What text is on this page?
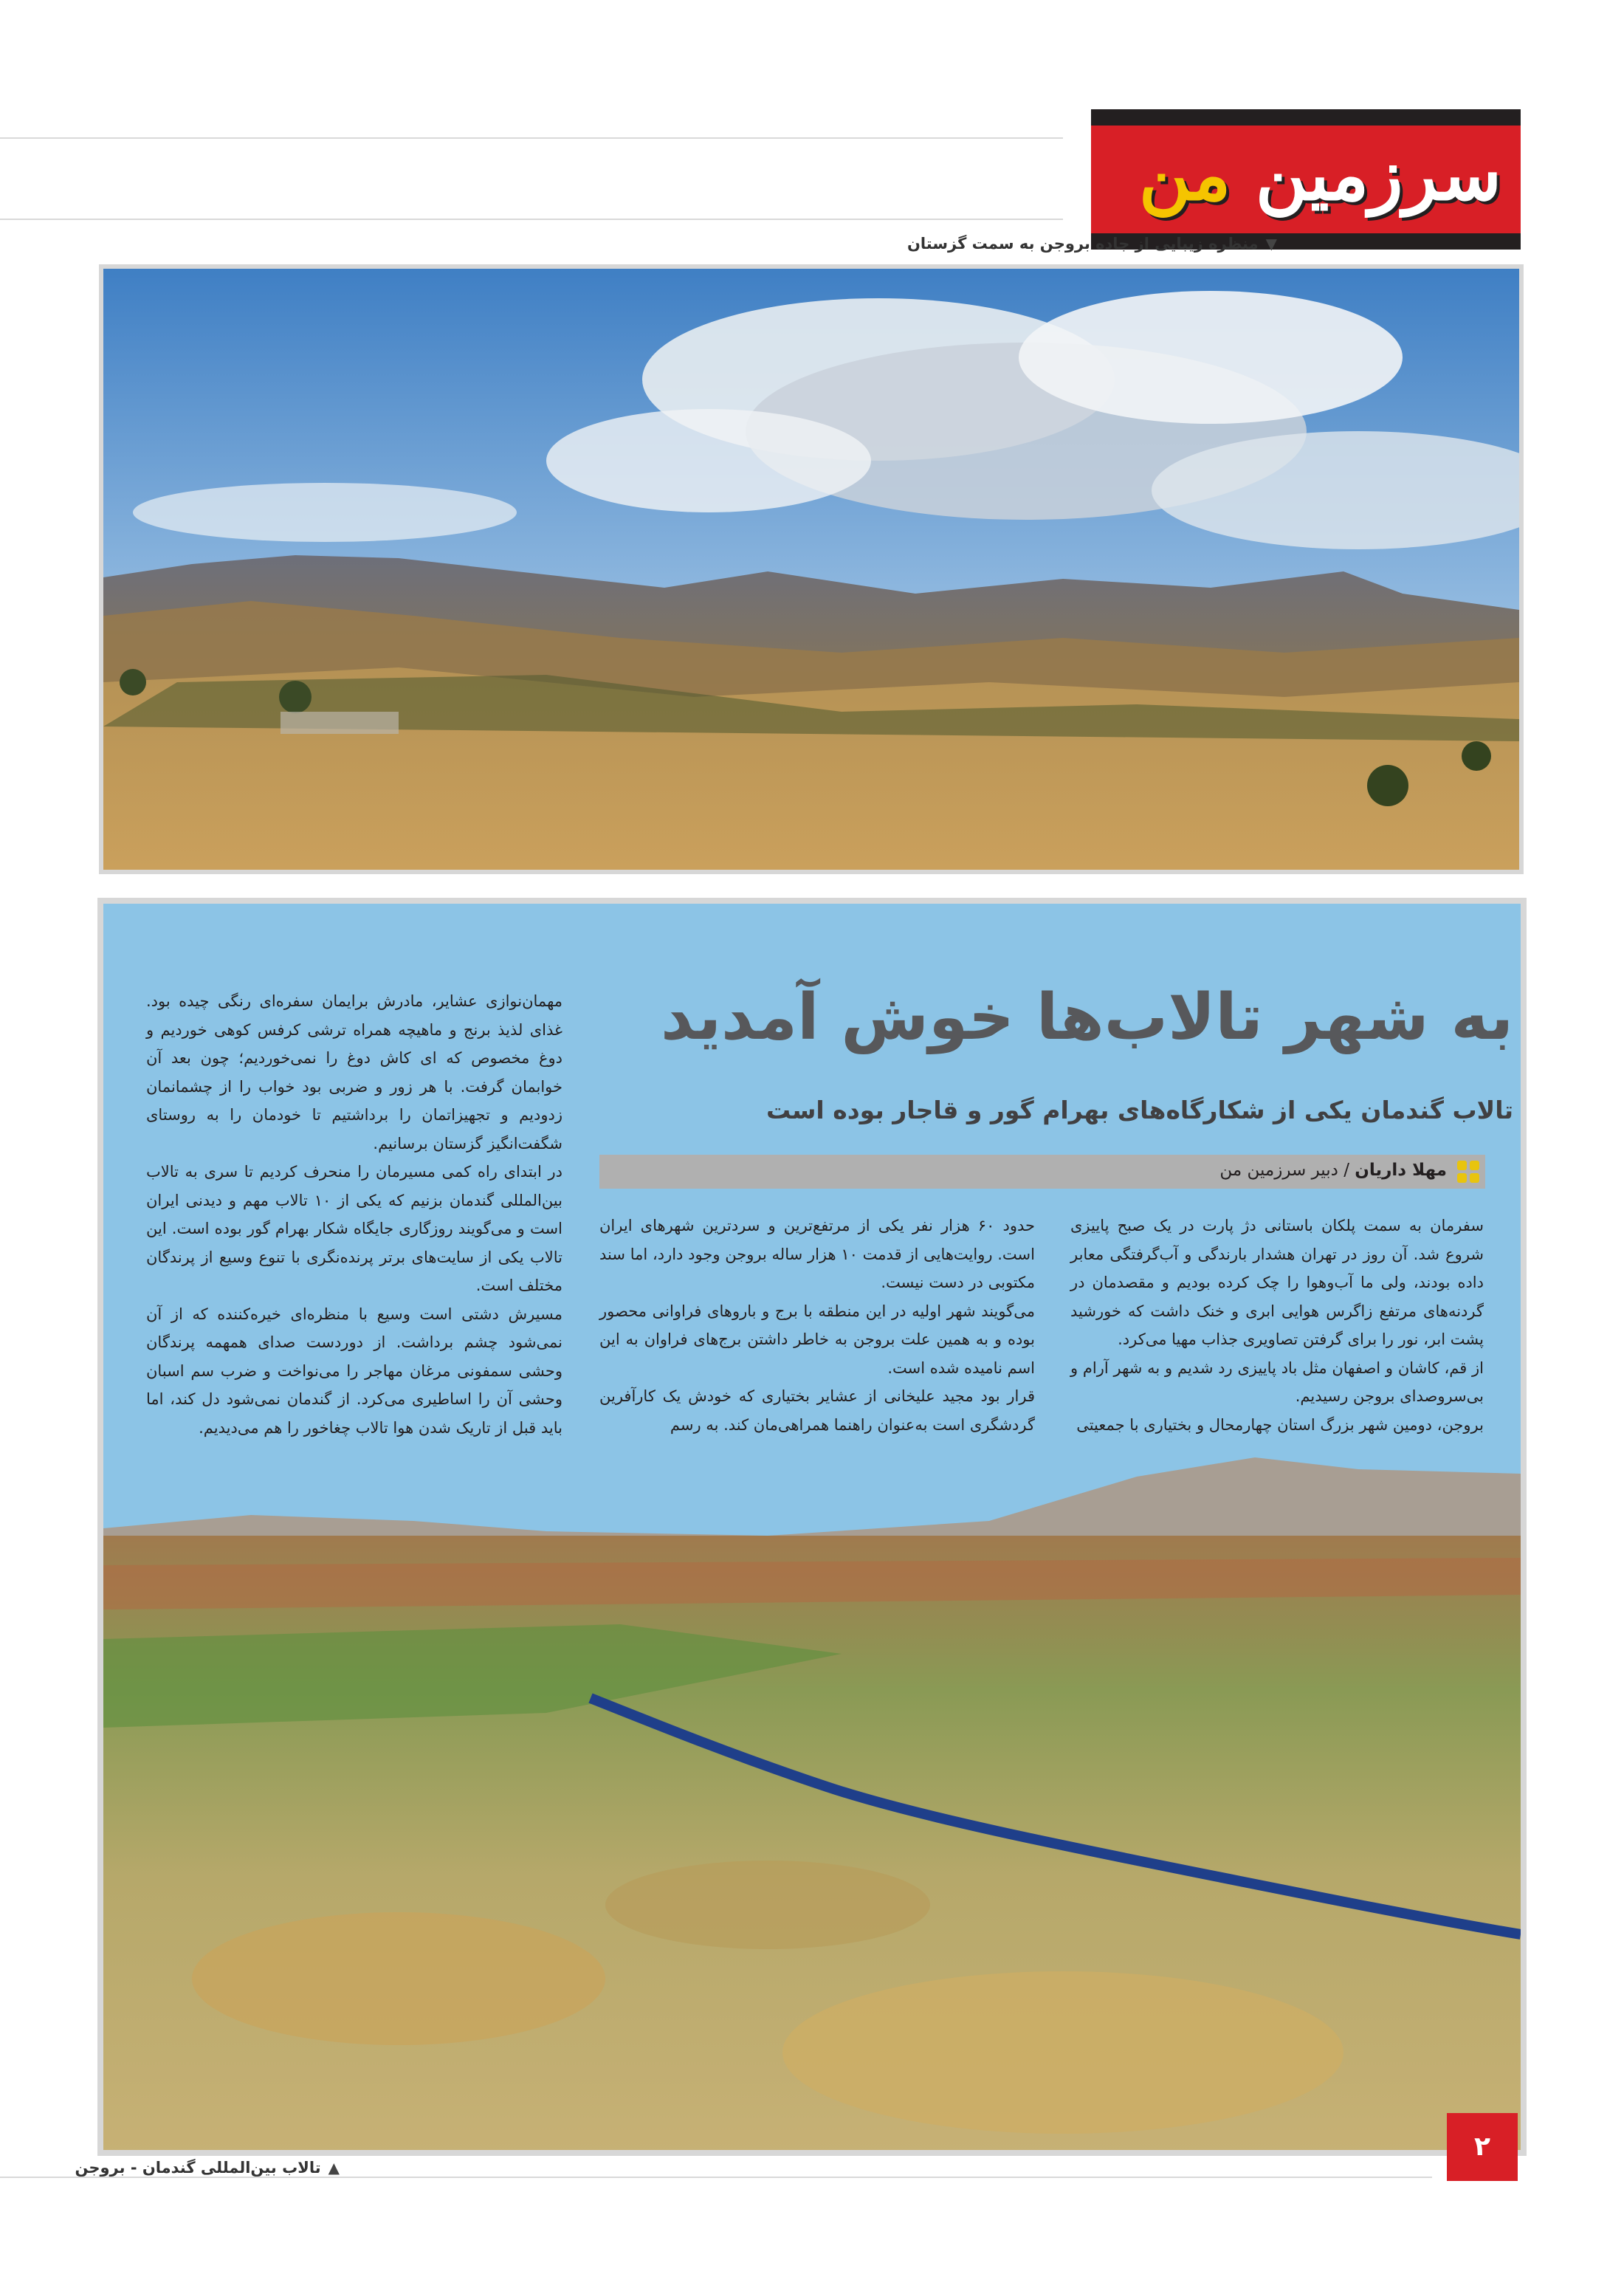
سرزمین من
▼منظره زیبایی از جاده بروجن به سمت گزستان
به شهر تالاب‌ها خوش آمدید
تالاب گندمان یکی از شکارگاه‌های بهرام گور و قاجار بوده است
مهلا داریان / دبیر سرزمین من

سفرمان به سمت پلکان باستانی دژ پارت در یک صبح پاییزی شروع شد. آن روز در تهران هشدار بارندگی و آب‌گرفتگی معابر داده بودند، ولی ما آب‌وهوا را چک کرده بودیم و مقصدمان در گردنه‌های مرتفع زاگرس هوایی ابری و خنک داشت که خورشید پشت ابر، نور را برای گرفتن تصاویری جذاب مهیا می‌کرد.

از قم، کاشان و اصفهان مثل باد پاییزی رد شدیم و به شهر آرام و بی‌سروصدای بروجن رسیدیم.

بروجن، دومین شهر بزرگ استان چهارمحال و بختیاری با جمعیتی

حدود ۶۰ هزار نفر یکی از مرتفع‌ترین و سردترین شهرهای ایران است. روایت‌هایی از قدمت ۱۰ هزار ساله بروجن وجود دارد، اما سند مکتوبی در دست نیست.

می‌گویند شهر اولیه در این منطقه با برج و باروهای فراوانی محصور بوده و به همین علت بروجن به خاطر داشتن برج‌های فراوان به این اسم نامیده شده است.

قرار بود مجید علیخانی از عشایر بختیاری که خودش یک کارآفرین گردشگری است به‌عنوان راهنما همراهی‌مان کند. به رسم

مهمان‌نوازی عشایر، مادرش برایمان سفره‌ای رنگی چیده بود. غذای لذیذ برنج و ماهیچه همراه ترشی کرفس کوهی خوردیم و دوغ مخصوص که ای کاش دوغ را نمی‌خوردیم؛ چون بعد آن خوابمان گرفت. با هر زور و ضربی بود خواب را از چشمانمان زدودیم و تجهیزاتمان را برداشتیم تا خودمان را به روستای شگفت‌انگیز گزستان برسانیم.

در ابتدای راه کمی مسیرمان را منحرف کردیم تا سری به تالاب بین‌المللی گندمان بزنیم که یکی از ۱۰ تالاب مهم و دیدنی ایران است و می‌گویند روزگاری جایگاه شکار بهرام گور بوده است. این تالاب یکی از سایت‌های برتر پرنده‌نگری با تنوع وسیع از پرندگان مختلف است.

مسیرش دشتی است وسیع با منظره‌ای خیره‌کننده که از آن نمی‌شود چشم برداشت. از دوردست صدای همهمه پرندگان وحشی سمفونی مرغان مهاجر را می‌نواخت و ضرب سم اسبان وحشی آن را اساطیری می‌کرد. از گندمان نمی‌شود دل کند، اما باید قبل از تاریک شدن هوا تالاب چغاخور را هم می‌دیدیم.

▲تالاب بین‌المللی گندمان - بروجن
۲
